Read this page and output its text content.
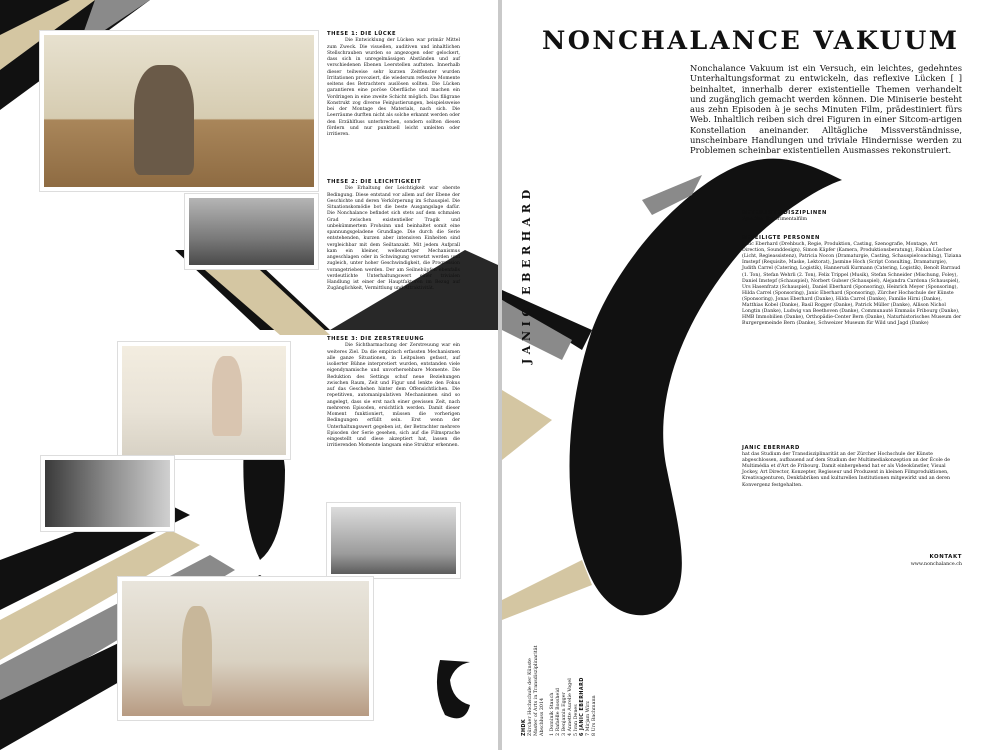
THESE 1: DIE LÜCKE

Die Entwicklung der Lücken war primär Mittel zum Zweck. Die visuellen, auditiven und inhaltlichen Stellschrauben wurden so angezogen oder gelockert, dass sich in unregelmässigen Abständen und auf verschiedenen Ebenen Leerstellen auftuten. Innerhalb dieser teilweise sehr kurzen Zeitfenster wurden Irritationen provoziert, die wiederum reflexive Momente seitens des Betrachters auslösen sollten. Die Lücken garantieren eine poröse Oberfläche und machen ein Vordringen in eine zweite Schicht möglich. Das filigrane Konstrukt zog diverse Feinjustierungen, beispielsweise bei der Montage des Materials, nach sich. Die Leerräume durften nicht als solche erkannt werden oder den Erzählfluss unterbrechen, sondern sollten diesen fördern und nur punktuell leicht umleiten oder irritieren.

THESE 2: DIE LEICHTIGKEIT

Die Erhaltung der Leichtigkeit war oberste Bedingung. Diese entstand vor allem auf der Ebene der Geschichte und deren Verkörperung im Schauspiel. Die Situationskomödie bot die beste Ausgangslage dafür. Die Nonchalance befindet sich stets auf dem schmalen Grad zwischen existentieller Tragik und unbekümmertem Frohsinn und beinhaltet somit eine spannungsgeladene Grundlage. Die durch die Serie entstehenden, kurzen aber intensiven Einheiten sind vergleichbar mit dem Seiltanzakt. Mit jedem Aufprall kam ein kleiner, wellenartiger Mechanismus angeschlagen oder in Schwingung versetzt werden und zugleich, unter hoher Geschwindigkeit, die Progression vorangetrieben werden. Der am Seilnebüpfen ebenfalls verdeutlichte Unterhaltungswert einer trivialen Handlung ist einer der Hauptfaktoren im Bezug auf Zugänglichkeit, Vermittlung und Attraktivität.

THESE 3: DIE ZERSTREUUNG

Die Sichtbarmachung der Zerstreuung war ein weiteres Ziel. Da die empirisch erfassten Mechanismen alle ganze Situationen, in Leitpulsen gefasst, auf isolierter Bühne interpretiert wurden, entstanden viele eigendynamische und unvorhersehbare Momente. Die Reduktion des Settings schuf neue Beziehungen zwischen Raum, Zeit und Figur und lenkte den Fokus auf das Geschehen hinter dem Offensichtlichen. Die repetitiven, automanipulativen Mechanismen sind so angelegt, dass sie erst nach einer gewissen Zeit, nach mehreren Episoden, ersichtlich werden. Damit dieser Moment funktioniert, müssen die vorherigen Bedingungen erfüllt sein. Erst wenn der Unterhaltungswert gegeben ist, der Betrachter mehrere Episoden der Serie gesehen, sich auf die Filmsprache eingestellt und diese akzeptiert hat, lassen die irritierenden Momente langsam eine Struktur erkennen.

NONCHALANCE VAKUUM
Nonchalance Vakuum ist ein Versuch, ein leichtes, gedehntes Unterhaltungsformat zu entwickeln, das reflexive Lücken [ ] beinhaltet, innerhalb derer existentielle Themen verhandelt und zugänglich gemacht werden können. Die Miniserie besteht aus zehn Episoden à je sechs Minuten Film, prädestiniert fürs Web. Inhaltlich reiben sich drei Figuren in einer Sitcom-artigen Konstellation aneinander. Alltägliche Missverständnisse, unscheinbare Handlungen und triviale Hindernisse werden zu Problemen scheinbar existentiellen Ausmasses rekonstruiert.
JANIC EBERHARD	BETEILIGTE DISZIPLINEN
Spielfilm, Experimentalfilm
BETEILIGTE PERSONEN
Janic Eberhard (Drehbuch, Regie, Produktion, Casting, Szenografie, Montage, Art Direction, Sounddesign), Simon Käpfer (Kamera, Produktionsberatung), Fabian Lüscher (Licht, Regieassistenz), Patricia Nocon (Dramaturgie, Casting, Schauspielcoaching), Tiziana Imstepf (Requisite, Maske, Lektorat), Jasmine Hoch (Script Consulting, Dramaturgie), Judith Carrel (Catering, Logistik), Hannerudi Kurmann (Catering, Logistik), Benoît Barraud (1. Ton), Stefan Wehrli (2. Ton), Felix Trippel (Musik), Stefan Schneider (Mischung, Foley), Daniel Imstepf (Schauspiel), Norbert Gubser (Schauspiel), Alejandra Cardona (Schauspiel), Urs Hasenfratz (Schauspiel), Daniel Eberhard (Sponsoring), Heinrich Meyer (Sponsoring), Hilda Carrel (Sponsoring), Janic Eberhard (Sponsoring), Zürcher Hochschule der Künste (Sponsoring), Jonas Eberhard (Danke), Hilda Carrel (Danke), Familie Hirni (Danke), Matthias Kobel (Danke), Basil Rogger (Danke), Patrick Müller (Danke), Allison Nichol Longtin (Danke), Ludwig van Beethoven (Danke), Communauté Emmaüs Fribourg (Danke), HMB Immobilien (Danke), Orthopädie-Center Bern (Danke), Naturhistorisches Museum der Burgergemeinde Bern (Danke), Schweizer Museum für Wild und Jagd (Danke)
JANIC EBERHARD
hat das Studium der Transdisziplinarität an der Zürcher Hochschule der Künste abgeschlossen, aufbauend auf dem Studium der Multimediakonzeption an der École de Multimédia et d'Art de Fribourg. Damit einhergehend hat er als Videokünstler, Visual Jockey, Art Director, Konzepter, Regisseur und Produzent in kleinen Filmproduktionen, Kreativagenturen, Denkfabriken und kulturellen Institutionen mitgewirkt und an deren Konvergenz festgehalten.
KONTAKT
www.nonchalance.ch
ZHDK Zürcher Hochschule der Künste Master of Arts in Transdisziplinarität Abschluss 2014 1 Dominik Stauch 2 Rafaëlle Bossheid 3 Benjamin Egger 4 Annette Aurelie Vogel 5 Ivan Denes 6 JANIC EBERHARD 7 Mirjam Wirz 8 Urs Bachmann
